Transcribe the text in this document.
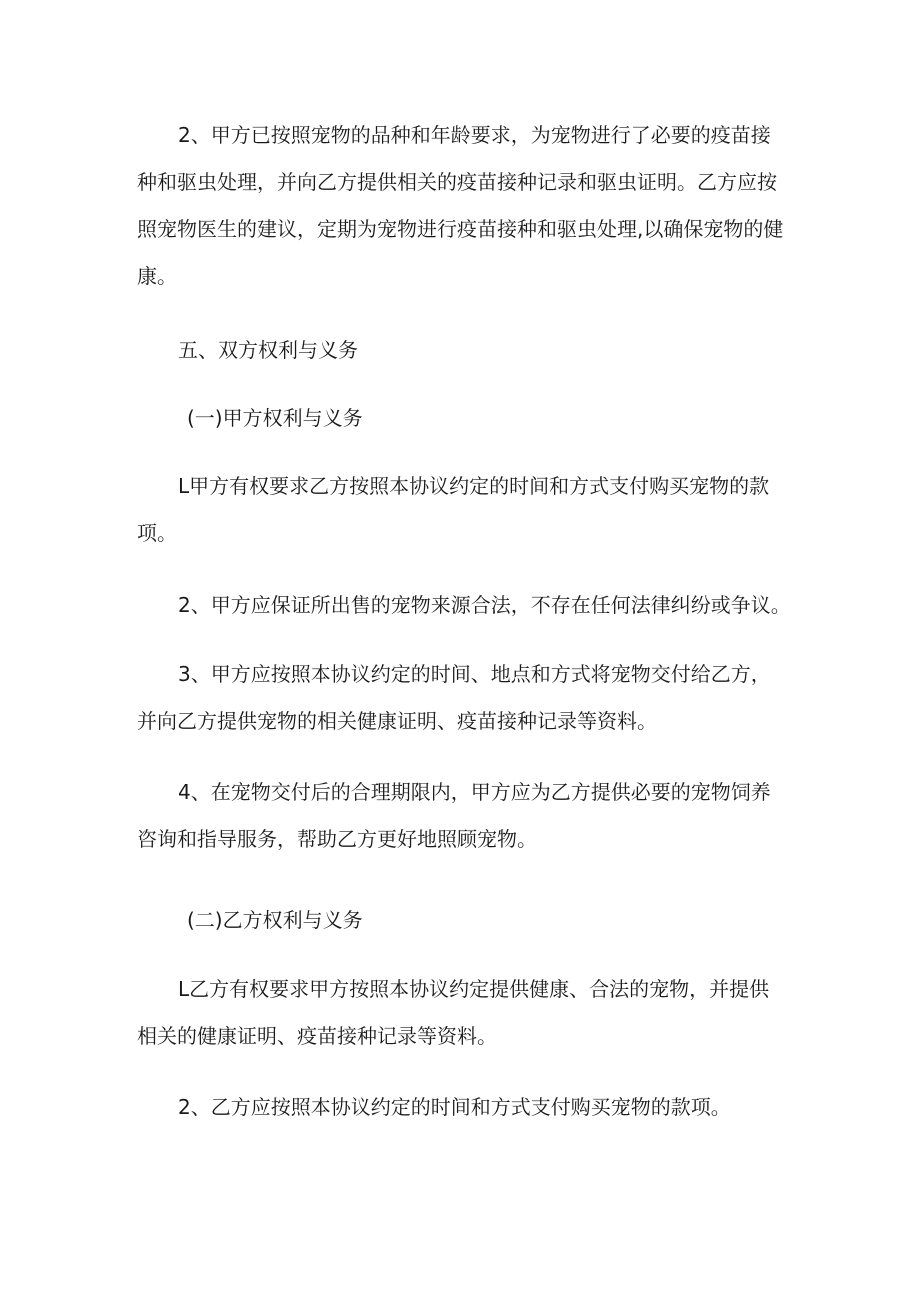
2、甲方已按照宠物的品种和年龄要求，为宠物进行了必要的疫苗接
种和驱虫处理，并向乙方提供相关的疫苗接种记录和驱虫证明。乙方应按
照宠物医生的建议，定期为宠物进行疫苗接种和驱虫处理,以确保宠物的健
康。
五、双方权利与义务
(一)甲方权利与义务
L甲方有权要求乙方按照本协议约定的时间和方式支付购买宠物的款
项。
2、甲方应保证所出售的宠物来源合法，不存在任何法律纠纷或争议。
3、甲方应按照本协议约定的时间、地点和方式将宠物交付给乙方，
并向乙方提供宠物的相关健康证明、疫苗接种记录等资料。
4、在宠物交付后的合理期限内，甲方应为乙方提供必要的宠物饲养
咨询和指导服务，帮助乙方更好地照顾宠物。
(二)乙方权利与义务
L乙方有权要求甲方按照本协议约定提供健康、合法的宠物，并提供
相关的健康证明、疫苗接种记录等资料。
2、乙方应按照本协议约定的时间和方式支付购买宠物的款项。
